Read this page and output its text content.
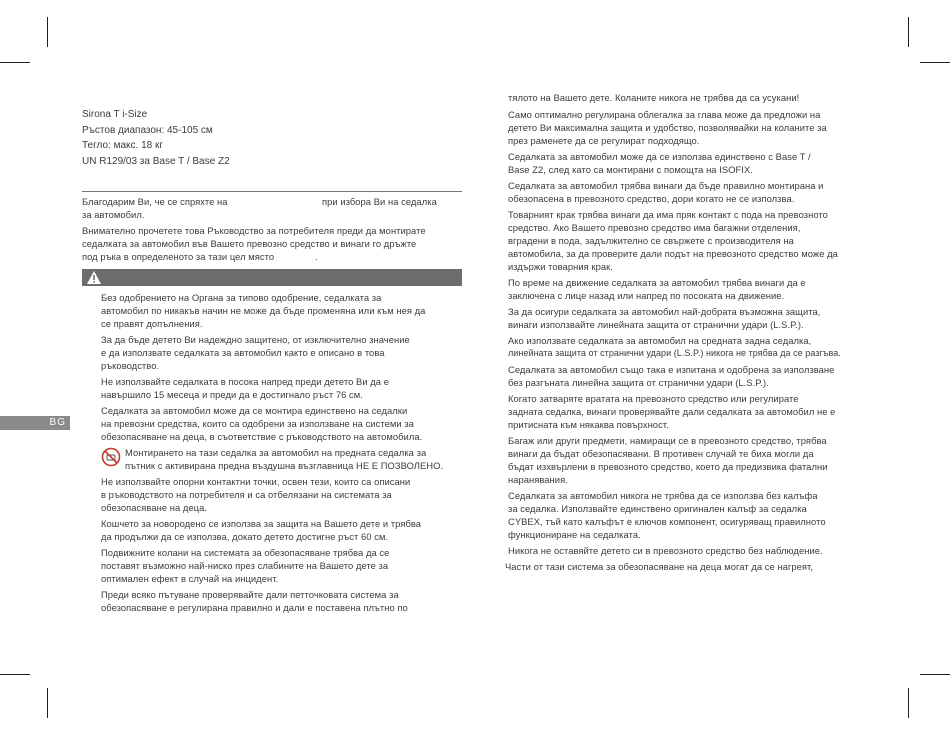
Sirona T i-Size
Ръстов диапазон: 45-105 см
Тегло: макс. 18 кг
UN R129/03 за Base T / Base Z2
Благодарим Ви, че се спряхте на	при избора Ви на седалка
за автомобил.
Внимателно прочетете това Ръководство за потребителя преди да монтирате
седалката за автомобил във Вашето превозно средство и винаги го дръжте
под ръка в определеното за тази цел място	.
Без одобрението на Органа за типово одобрение, седалката за
автомобил по никакъв начин не може да бъде променяна или към нея да
се правят допълнения.
За да бъде детето Ви надеждно защитено, от изключително значение
е да използвате седалката за автомобил както е описано в това
ръководство.
Не използвайте седалката в посока напред преди детето Ви да е
навършило 15 месеца и преди да е достигнало ръст 76 см.
Седалката за автомобил може да се монтира единствено на седалки
на превозни средства, които са одобрени за използване на системи за
обезопасяване на деца, в съответствие с ръководството на автомобила.
Монтирането на тази седалка за автомобил на предната седалка за
пътник с активирана предна въздушна възглавница НЕ Е ПОЗВОЛЕНО.
Не използвайте опорни контактни точки, освен тези, които са описани
в ръководството на потребителя и са отбелязани на системата за
обезопасяване на деца.
Кошчето за новородено се използва за защита на Вашето дете и трябва
да продължи да се използва, докато детето достигне ръст 60 см.
Подвижните колани на системата за обезопасяване трябва да се
поставят възможно най-ниско през слабините на Вашето дете за
оптимален ефект в случай на инцидент.
Преди всяко пътуване проверявайте дали петточковата система за
обезопасяване е регулирана правилно и дали е поставена плътно по
BG
тялото на Вашето дете. Коланите никога не трябва да са усукани!
Само оптимално регулирана облегалка за глава може да предложи на
детето Ви максимална защита и удобство, позволявайки на коланите за
през раменете да се регулират подходящо.
Седалката за автомобил може да се използва единствено с Base T /
Base Z2, след като са монтирани с помощта на ISOFIX.
Седалката за автомобил трябва винаги да бъде правилно монтирана и
обезопасена в превозното средство, дори когато не се използва.
Товарният крак трябва винаги да има пряк контакт с пода на превозното
средство. Ако Вашето превозно средство има багажни отделения,
вградени в пода, задължително се свържете с производителя на
автомобила, за да проверите дали подът на превозното средство може да
издържи товарния крак.
По време на движение седалката за автомобил трябва винаги да е
заключена с лице назад или напред по посоката на движение.
За да осигури седалката за автомобил най-добрата възможна защита,
винаги използвайте линейната защита от странични удари (L.S.P.).
Ако използвате седалката за автомобил на средната задна седалка,
линейната защита от странични удари (L.S.P.) никога не трябва да се разгъва.
Седалката за автомобил също така е изпитана и одобрена за използване
без разгъната линейна защита от странични удари (L.S.P.).
Когато затваряте вратата на превозното средство или регулирате
задната седалка, винаги проверявайте дали седалката за автомобил не е
притисната към някаква повърхност.
Багаж или други предмети, намиращи се в превозното средство, трябва
винаги да бъдат обезопасявани. В противен случай те биха могли да
бъдат изхвърлени в превозното средство, което да предизвика фатални
наранявания.
Седалката за автомобил никога не трябва да се използва без калъфа
за седалка. Използвайте единствено оригинален калъф за седалка
CYBEX, тъй като калъфът е ключов компонент, осигуряващ правилното
функциониране на седалката.
Никога не оставяйте детето си в превозното средство без наблюдение.
Части от тази система за обезопасяване на деца могат да се нагреят,
